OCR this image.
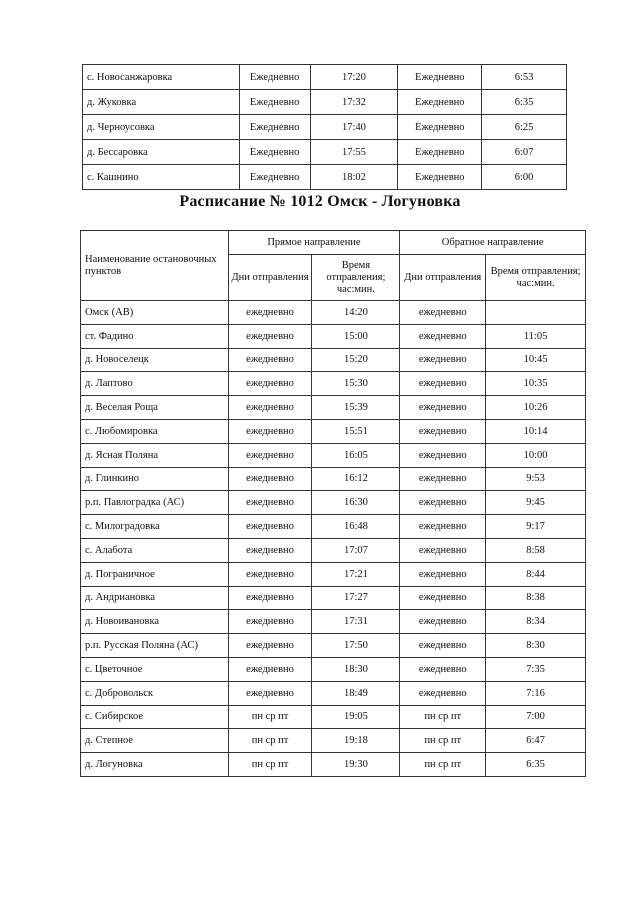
с. Новосанжаровка	Ежедневно	17:20	Ежедневно	6:53
д. Жуковка	Ежедневно	17:32	Ежедневно	6:35
д. Черноусовка	Ежедневно	17:40	Ежедневно	6:25
д. Бессаровка	Ежедневно	17:55	Ежедневно	6:07
с. Кашнино	Ежедневно	18:02	Ежедневно	6:00
Расписание № 1012 Омск - Логуновка
Наименование остановочных пунктов	Прямое направление		Обратное направление	
	Дни отправления	Время отправления; час:мин.	Дни отправления	Время отправления; час:мин.
Омск (АВ)	ежедневно	14:20	ежедневно	
ст. Фадино	ежедневно	15:00	ежедневно	11:05
д. Новоселецк	ежедневно	15:20	ежедневно	10:45
д. Лаптово	ежедневно	15:30	ежедневно	10:35
д. Веселая Роща	ежедневно	15:39	ежедневно	10:26
с. Любомировка	ежедневно	15:51	ежедневно	10:14
д. Ясная Поляна	ежедневно	16:05	ежедневно	10:00
д. Глинкино	ежедневно	16:12	ежедневно	9:53
р.п. Павлоградка (АС)	ежедневно	16:30	ежедневно	9:45
с. Милоградовка	ежедневно	16:48	ежедневно	9:17
с. Алабота	ежедневно	17:07	ежедневно	8:58
д. Пограничное	ежедневно	17:21	ежедневно	8:44
д. Андриановка	ежедневно	17:27	ежедневно	8:38
д. Новоивановка	ежедневно	17:31	ежедневно	8:34
р.п. Русская Поляна (АС)	ежедневно	17:50	ежедневно	8:30
с. Цветочное	ежедневно	18:30	ежедневно	7:35
с. Добровольск	ежедневно	18:49	ежедневно	7:16
с. Сибирское	пн ср пт	19:05	пн ср пт	7:00
д. Степное	пн ср пт	19:18	пн ср пт	6:47
д. Логуновка	пн ср пт	19:30	пн ср пт	6:35
